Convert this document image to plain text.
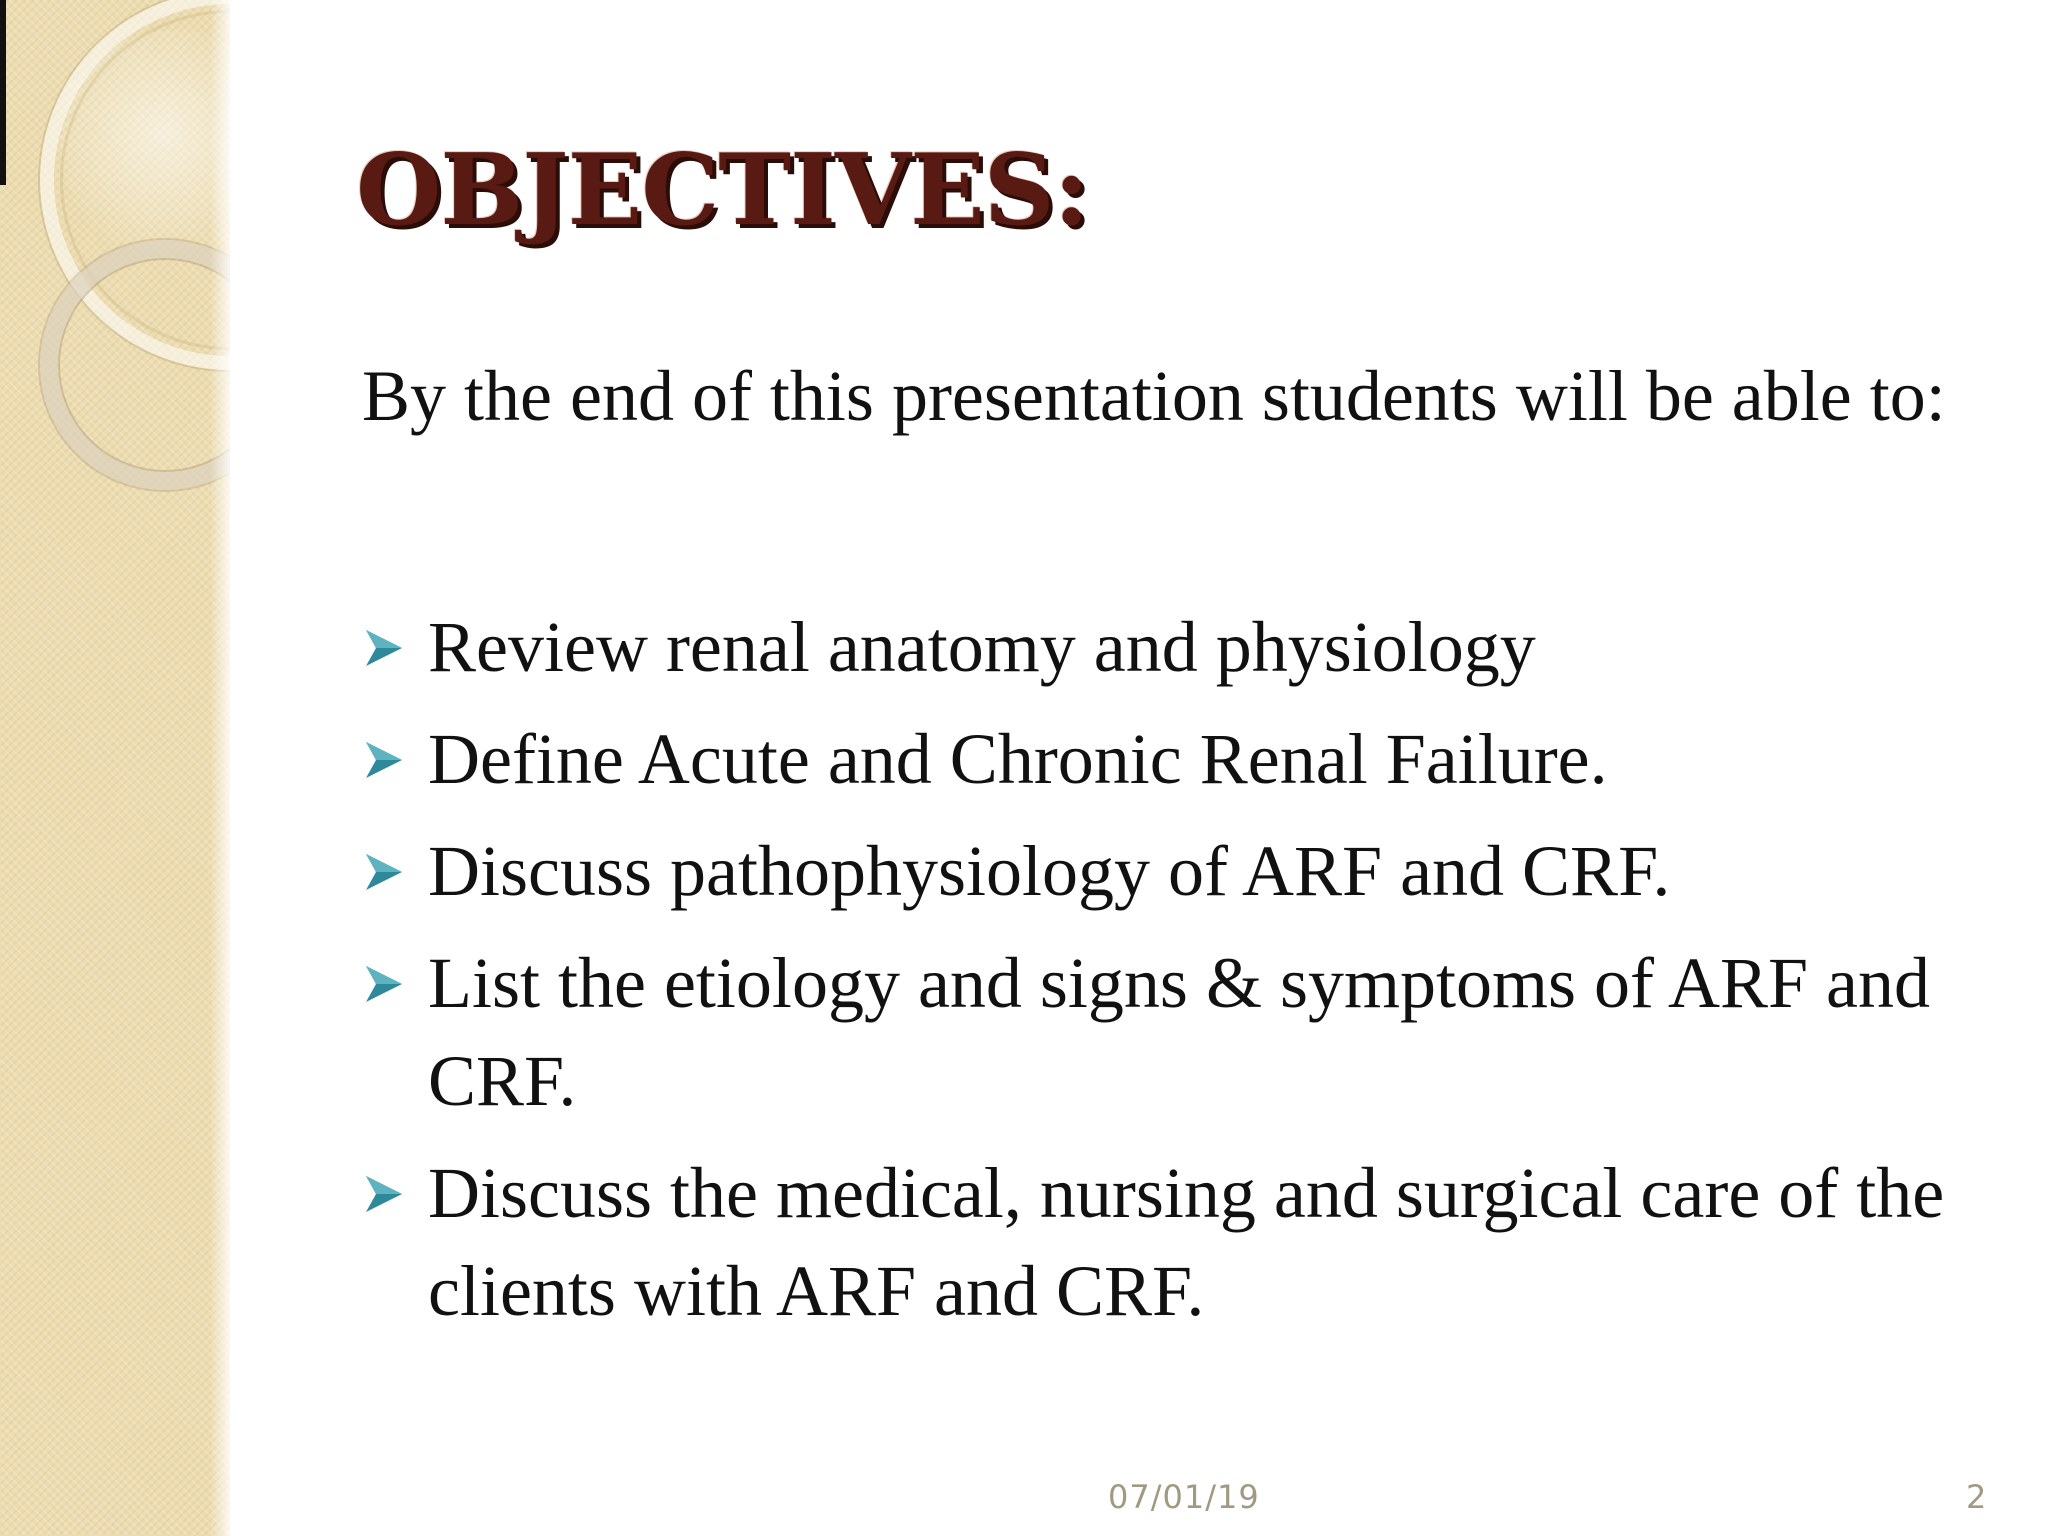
OBJECTIVES:
By the end of this presentation students will be able to:
Review renal anatomy and physiology
Define Acute and Chronic Renal Failure.
Discuss pathophysiology of ARF and CRF.
List the etiology and signs & symptoms of ARF and CRF.
Discuss the medical, nursing and surgical care of the clients with ARF and CRF.
07/01/19	2
